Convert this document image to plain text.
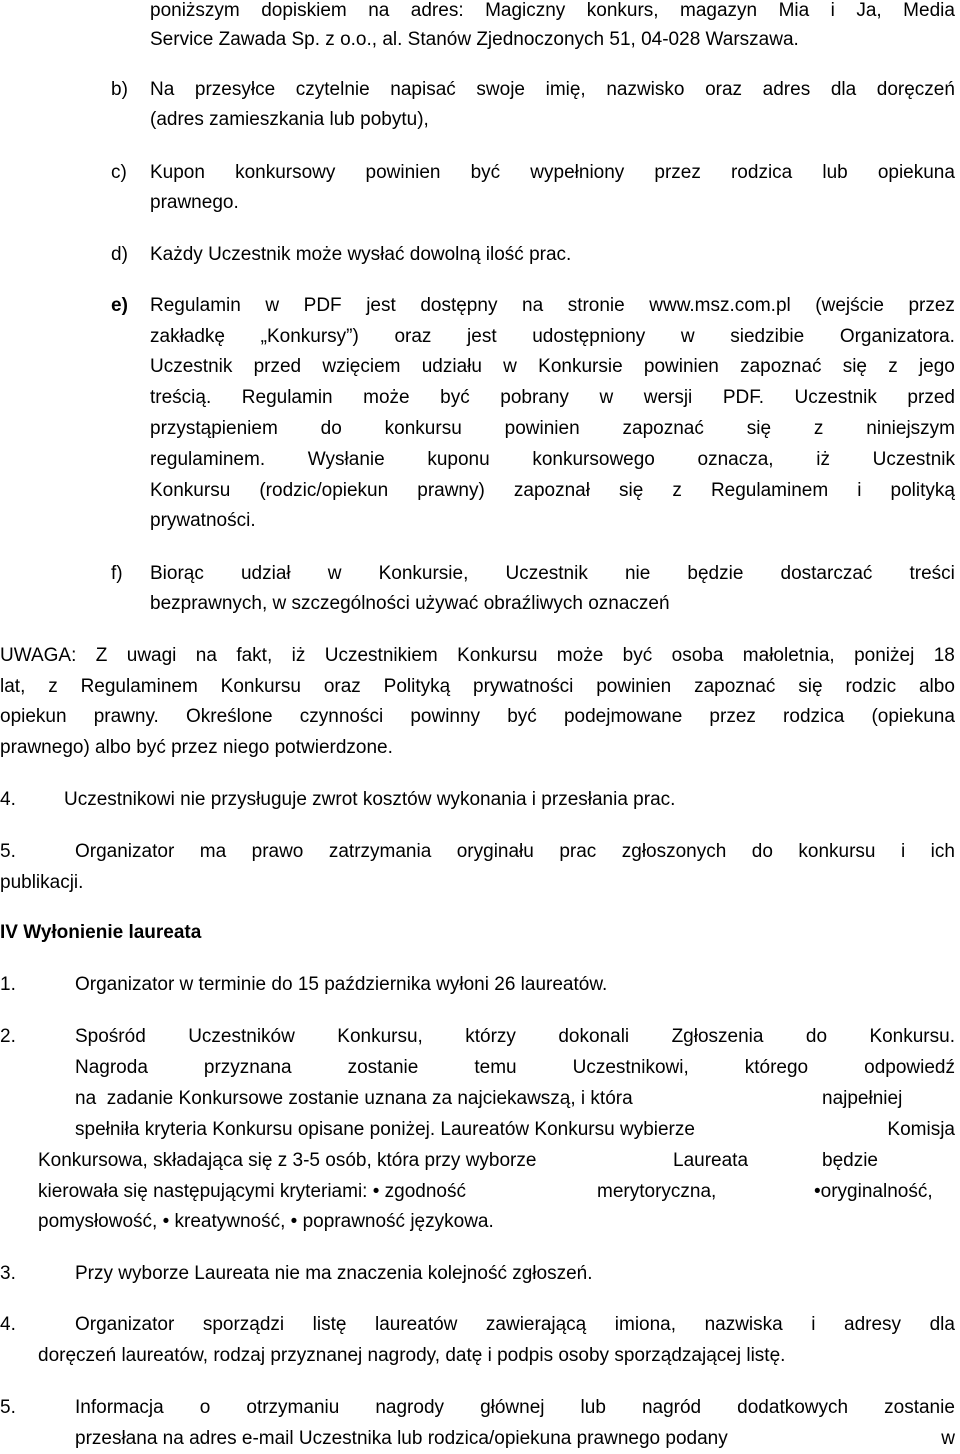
poniższym dopiskiem na adres: Magiczny konkurs, magazyn Mia i Ja, Media
Service Zawada Sp. z o.o., al. Stanów Zjednoczonych 51, 04-028 Warszawa.
b) Na przesyłce czytelnie napisać swoje imię, nazwisko oraz adres dla doręczeń
(adres zamieszkania lub pobytu),
c) Kupon konkursowy powinien być wypełniony przez rodzica lub opiekuna
prawnego.
d) Każdy Uczestnik może wysłać dowolną ilość prac.
e) Regulamin w PDF jest dostępny na stronie www.msz.com.pl (wejście przez
zakładkę „Konkursy”) oraz jest udostępniony w siedzibie Organizatora.
Uczestnik przed wzięciem udziału w Konkursie powinien zapoznać się z jego
treścią. Regulamin może być pobrany w wersji PDF. Uczestnik przed
przystąpieniem do konkursu powinien zapoznać się z niniejszym
regulaminem. Wysłanie kuponu konkursowego oznacza, iż Uczestnik
Konkursu (rodzic/opiekun prawny) zapoznał się z Regulaminem i polityką
prywatności.
f) Biorąc udział w Konkursie, Uczestnik nie będzie dostarczać treści
bezprawnych, w szczególności używać obraźliwych oznaczeń
UWAGA: Z uwagi na fakt, iż Uczestnikiem Konkursu może być osoba małoletnia, poniżej 18
lat, z Regulaminem Konkursu oraz Polityką prywatności powinien zapoznać się rodzic albo
opiekun prawny. Określone czynności powinny być podejmowane przez rodzica (opiekuna
prawnego) albo być przez niego potwierdzone.
4.	Uczestnikowi nie przysługuje zwrot kosztów wykonania i przesłania prac.
5.	Organizator ma prawo zatrzymania oryginału prac zgłoszonych do konkursu i ich
publikacji.
IV Wyłonienie laureata
1.	Organizator w terminie do 15 października wyłoni 26 laureatów.
2.	Spośród Uczestników Konkursu, którzy dokonali Zgłoszenia do Konkursu.
Nagroda	przyznana	zostanie	temu	Uczestnikowi,	którego	odpowiedź
na  zadanie Konkursowe zostanie uznana za najciekawszą, i która	najpełniej
spełniła kryteria Konkursu opisane poniżej. Laureatów Konkursu wybierze	Komisja
Konkursowa, składająca się z 3-5 osób, która przy wyborze	Laureata	będzie
kierowała się następującymi kryteriami: • zgodność	merytoryczna,	•oryginalność,
pomysłowość, • kreatywność, • poprawność językowa.
3.	Przy wyborze Laureata nie ma znaczenia kolejność zgłoszeń.
4.	Organizator sporządzi listę laureatów zawierającą imiona, nazwiska i adresy dla
doręczeń laureatów, rodzaj przyznanej nagrody, datę i podpis osoby sporządzającej listę.
5.	Informacja o otrzymaniu nagrody głównej lub nagród dodatkowych zostanie
przesłana na adres e-mail Uczestnika lub rodzica/opiekuna prawnego podany	w
